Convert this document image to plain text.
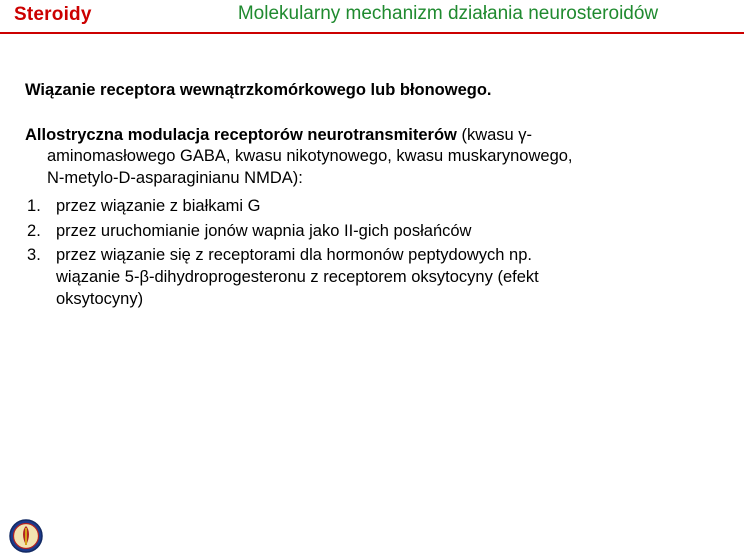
Steroidy	Molekularny mechanizm działania neurosteroidów
Wiązanie receptora wewnątrzkomórkowego lub błonowego.
Allostryczna modulacja receptorów neurotransmiterów (kwasu γ-
aminomasłowego GABA, kwasu nikotynowego, kwasu muskarynowego,
N-metylo-D-asparaginianu NMDA):
przez wiązanie z białkami G
przez uruchomianie jonów wapnia jako II-gich posłańców
przez wiązanie się z receptorami dla hormonów peptydowych np.
wiązanie 5-β-dihydroprogesteronu z receptorem oksytocyny (efekt
oksytocyny)
